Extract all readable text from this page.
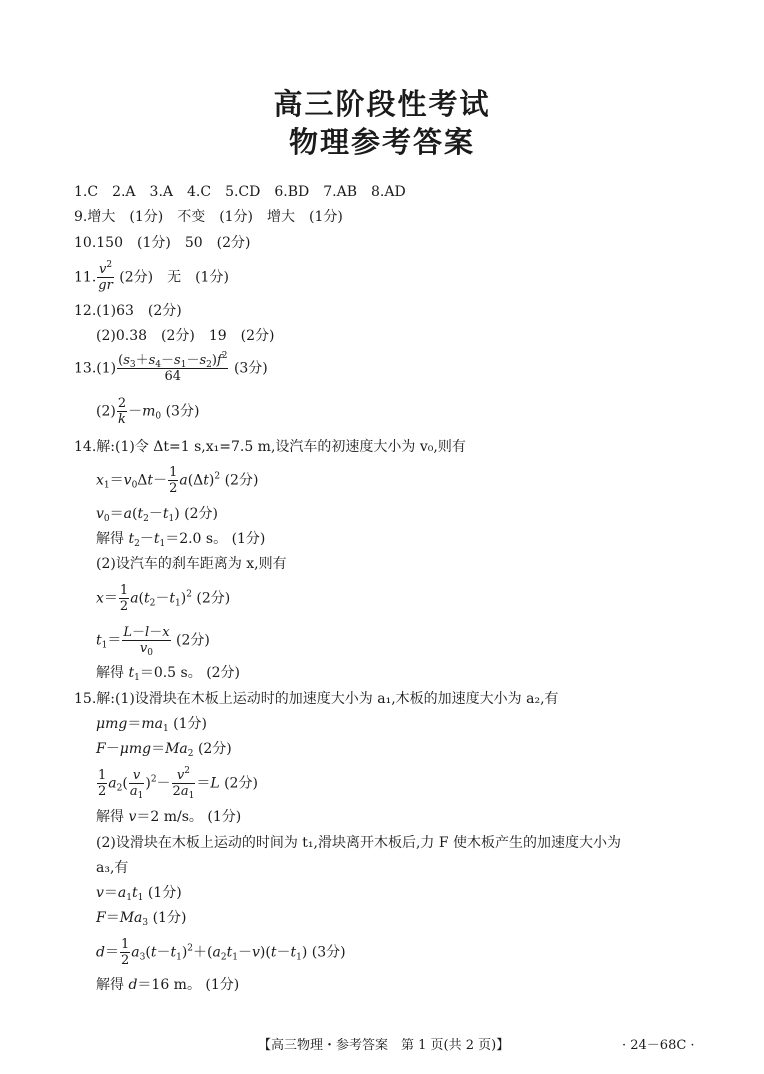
高三阶段性考试
物理参考答案
1.C　2.A　3.A　4.C　5.CD　6.BD　7.AB　8.AD
9.增大　(1分)　不变　(1分)　增大　(1分)
10.150　(1分)　50　(2分)
11. $\frac{v^2}{gr} (2$分)　无　(1分)
12.(1)63　(2分)
(2)0.38　(2分)　19　(2分)
$13.(1) \frac{(s_3+s_4-s_1-s_2)f^2}{64} (3$分)
$(2) \frac{2}{k} -m_0$ (3分)
14.解:(1)令 Δt=1 s,x₁=7.5 m,设汽车的初速度大小为 v₀,则有
$x_1=v_0\Delta t- \frac{1}{2} a(\Delta t)^2$ (2分)
$v_0=a(t_2-t_1)$ (2分)
解得 $t_2-t_1=2.0$ s。 (1分)
(2)设汽车的刹车距离为 x,则有
$x= \frac{1}{2} a(t_2-t_1)^2$ (2分)
$t_1= \frac{L-l-x}{v_0} (2$分)
解得 $t_1=0.5$ s。 (2分)
15.解:(1)设滑块在木板上运动时的加速度大小为 a₁,木板的加速度大小为 a₂,有
$\mu mg=ma_1$ (1分)
$F-\mu mg=Ma_2$ (2分)
$\frac{1}{2} a_2( \frac{v}{a_1} )^2- \frac{v^2}{2a_1} =L$ (2分)
解得 v＝2 m/s。 (1分)
(2)设滑块在木板上运动的时间为 t₁,滑块离开木板后,力 F 使木板产生的加速度大小为
a₃,有
$v=a_1t_1$ (1分)
$F=Ma_3$ (1分)
$d= \frac{1}{2} a_3(t-t_1)^2+(a_2t_1-v)(t-t_1)$ (3分)
解得 d＝16 m。 (1分)
【高三物理・参考答案　第 1 页(共 2 页)】	· 24－68C ·
